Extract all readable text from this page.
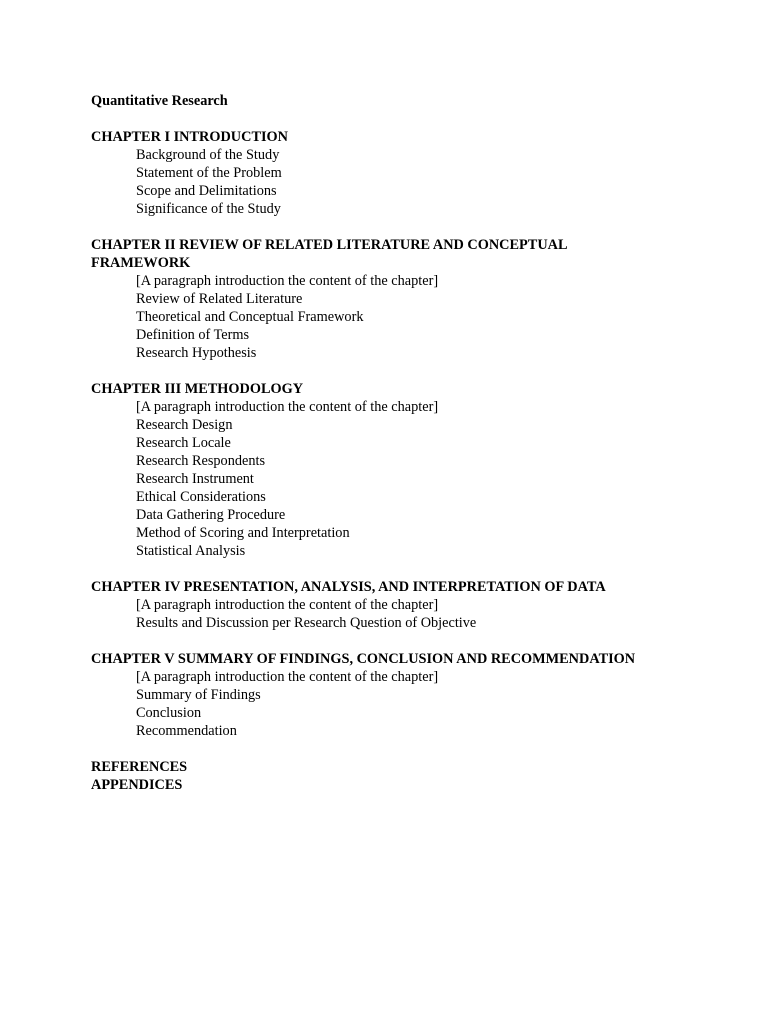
Quantitative Research
CHAPTER I INTRODUCTION
Background of the Study
Statement of the Problem
Scope and Delimitations
Significance of the Study
CHAPTER II REVIEW OF RELATED LITERATURE AND CONCEPTUAL FRAMEWORK
[A paragraph introduction the content of the chapter]
Review of Related Literature
Theoretical and Conceptual Framework
Definition of Terms
Research Hypothesis
CHAPTER III METHODOLOGY
[A paragraph introduction the content of the chapter]
Research Design
Research Locale
Research Respondents
Research Instrument
Ethical Considerations
Data Gathering Procedure
Method of Scoring and Interpretation
Statistical Analysis
CHAPTER IV PRESENTATION, ANALYSIS, AND INTERPRETATION OF DATA
[A paragraph introduction the content of the chapter]
Results and Discussion per Research Question of Objective
CHAPTER V SUMMARY OF FINDINGS, CONCLUSION AND RECOMMENDATION
[A paragraph introduction the content of the chapter]
Summary of Findings
Conclusion
Recommendation
REFERENCES
APPENDICES
